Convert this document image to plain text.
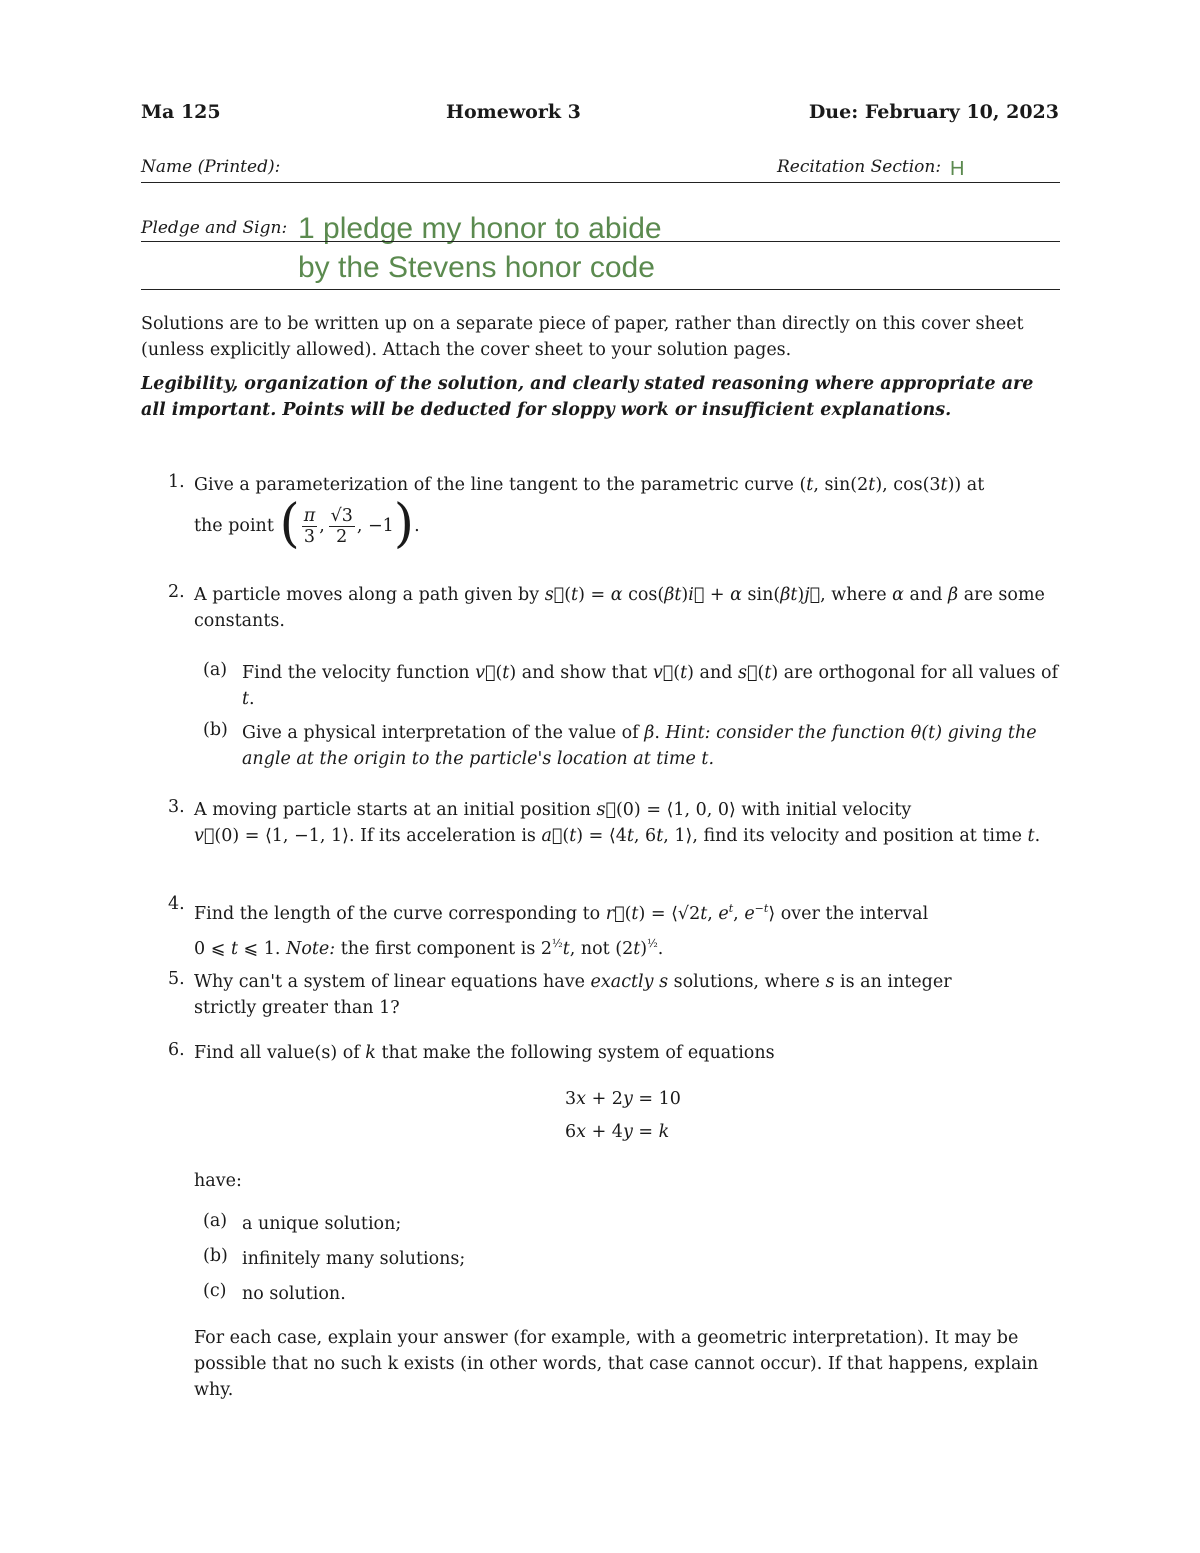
Ma 125	Homework 3	Due: February 10, 2023
Name (Printed):	Recitation Section: H
Pledge and Sign: 1 pledge my honor to abide
by the Stevens honor code
Solutions are to be written up on a separate piece of paper, rather than directly on this cover sheet (unless explicitly allowed). Attach the cover sheet to your solution pages.
Legibility, organization of the solution, and clearly stated reasoning where appropriate are all important. Points will be deducted for sloppy work or insufficient explanations.
1. Give a parameterization of the line tangent to the parametric curve (t, sin(2t), cos(3t)) at
the point ( $\frac{\pi}{3}$ ,  $\frac{√3}{2}$ , −1).
2. A particle moves along a path given by s⃗(t) = α cos(βt)i⃗ + α sin(βt)j⃗, where α and β are some constants.
(a) Find the velocity function v⃗(t) and show that v⃗(t) and s⃗(t) are orthogonal for all values of t.
(b) Give a physical interpretation of the value of β. Hint: consider the function θ(t) giving the angle at the origin to the particle's location at time t.
3. A moving particle starts at an initial position s⃗(0) = ⟨1, 0, 0⟩ with initial velocity
v⃗(0) = ⟨1, −1, 1⟩. If its acceleration is a⃗(t) = ⟨4t, 6t, 1⟩, find its velocity and position at time t.
4. Find the length of the curve corresponding to r⃗(t) = ⟨√2t, $e^t$, $e^{-t}⟩$ over the interval
0 ⩽ t ⩽ 1. Note: the first component is $2^{\frac{1}{2}}t$, not $(2t)^{\frac{1}{2}}$.
5. Why can't a system of linear equations have exactly s solutions, where s is an integer
strictly greater than 1?
6. Find all value(s) of k that make the following system of equations
3x + 2y = 10
6x + 4y = k
have:
(a) a unique solution;
(b) infinitely many solutions;
(c) no solution.
For each case, explain your answer (for example, with a geometric interpretation). It may be possible that no such k exists (in other words, that case cannot occur). If that happens, explain why.
